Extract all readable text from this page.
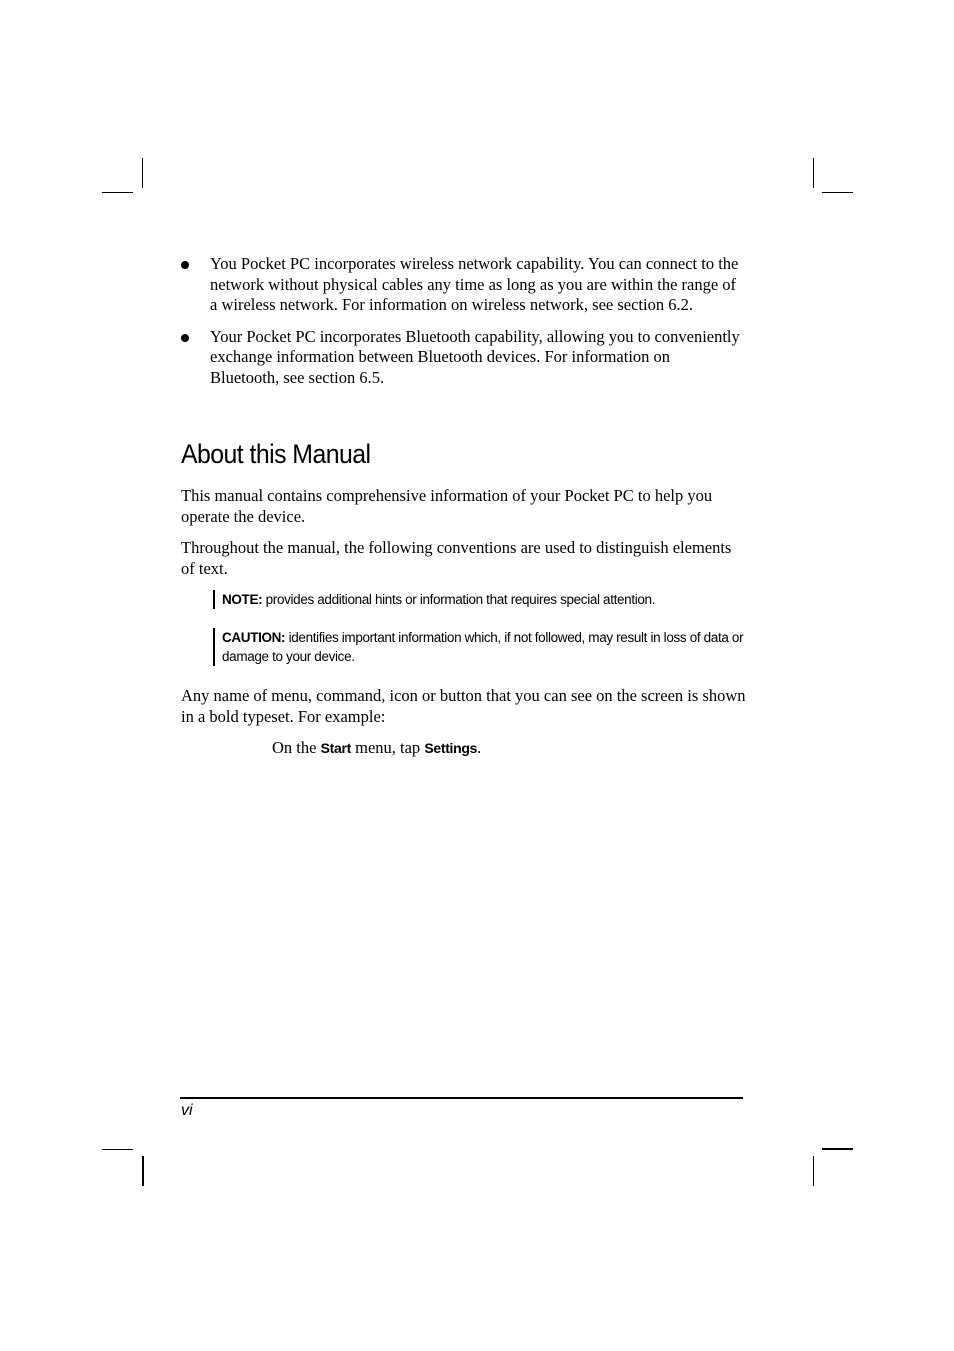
You Pocket PC incorporates wireless network capability. You can connect to the network without physical cables any time as long as you are within the range of a wireless network. For information on wireless network, see section 6.2.
Your Pocket PC incorporates Bluetooth capability, allowing you to conveniently exchange information between Bluetooth devices. For information on Bluetooth, see section 6.5.
About this Manual

This manual contains comprehensive information of your Pocket PC to help you operate the device.

Throughout the manual, the following conventions are used to distinguish elements of text.

NOTE: provides additional hints or information that requires special attention.
CAUTION: identifies important information which, if not followed, may result in loss of data or damage to your device.

Any name of menu, command, icon or button that you can see on the screen is shown in a bold typeset. For example:

On the Start menu, tap Settings.

vi
